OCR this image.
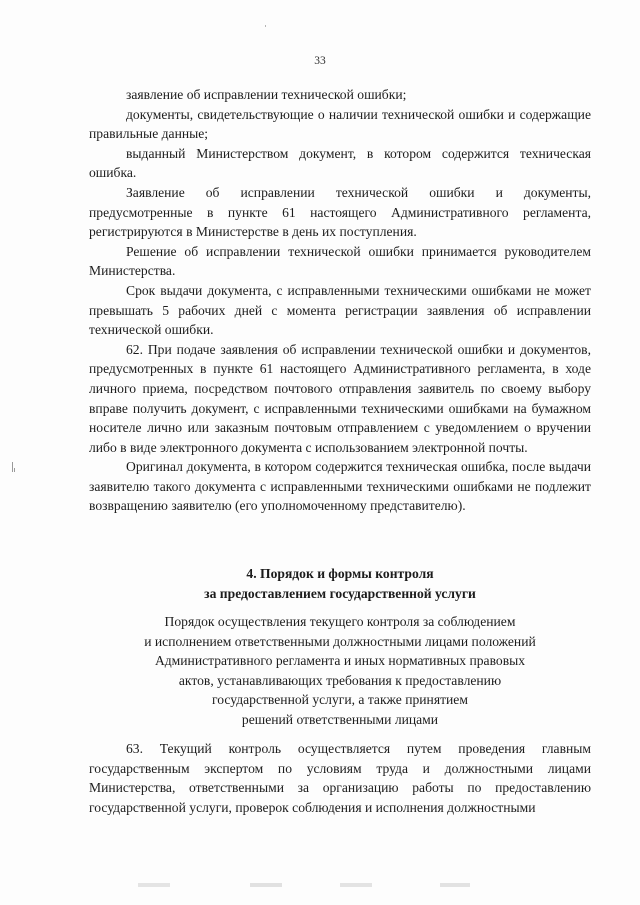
33

заявление об исправлении технической ошибки;

документы, свидетельствующие о наличии технической ошибки и содержащие правильные данные;

выданный Министерством документ, в котором содержится техническая ошибка.

Заявление об исправлении технической ошибки и документы, предусмотренные в пункте 61 настоящего Административного регламента, регистрируются в Министерстве в день их поступления.

Решение об исправлении технической ошибки принимается руководителем Министерства.

Срок выдачи документа, с исправленными техническими ошибками не может превышать 5 рабочих дней с момента регистрации заявления об исправлении технической ошибки.

62. При подаче заявления об исправлении технической ошибки и документов, предусмотренных в пункте 61 настоящего Административного регламента, в ходе личного приема, посредством почтового отправления заявитель по своему выбору вправе получить документ, с исправленными техническими ошибками на бумажном носителе лично или заказным почтовым отправлением с уведомлением о вручении либо в виде электронного документа с использованием электронной почты.

Оригинал документа, в котором содержится техническая ошибка, после выдачи заявителю такого документа с исправленными техническими ошибками не подлежит возвращению заявителю (его уполномоченному представителю).

4. Порядок и формы контроля
за предоставлением государственной услуги
Порядок осуществления текущего контроля за соблюдением
и исполнением ответственными должностными лицами положений
Административного регламента и иных нормативных правовых
актов, устанавливающих требования к предоставлению
государственной услуги, а также принятием
решений ответственными лицами

63. Текущий контроль осуществляется путем проведения главным государственным экспертом по условиям труда и должностными лицами Министерства, ответственными за организацию работы по предоставлению государственной услуги, проверок соблюдения и исполнения должностными
